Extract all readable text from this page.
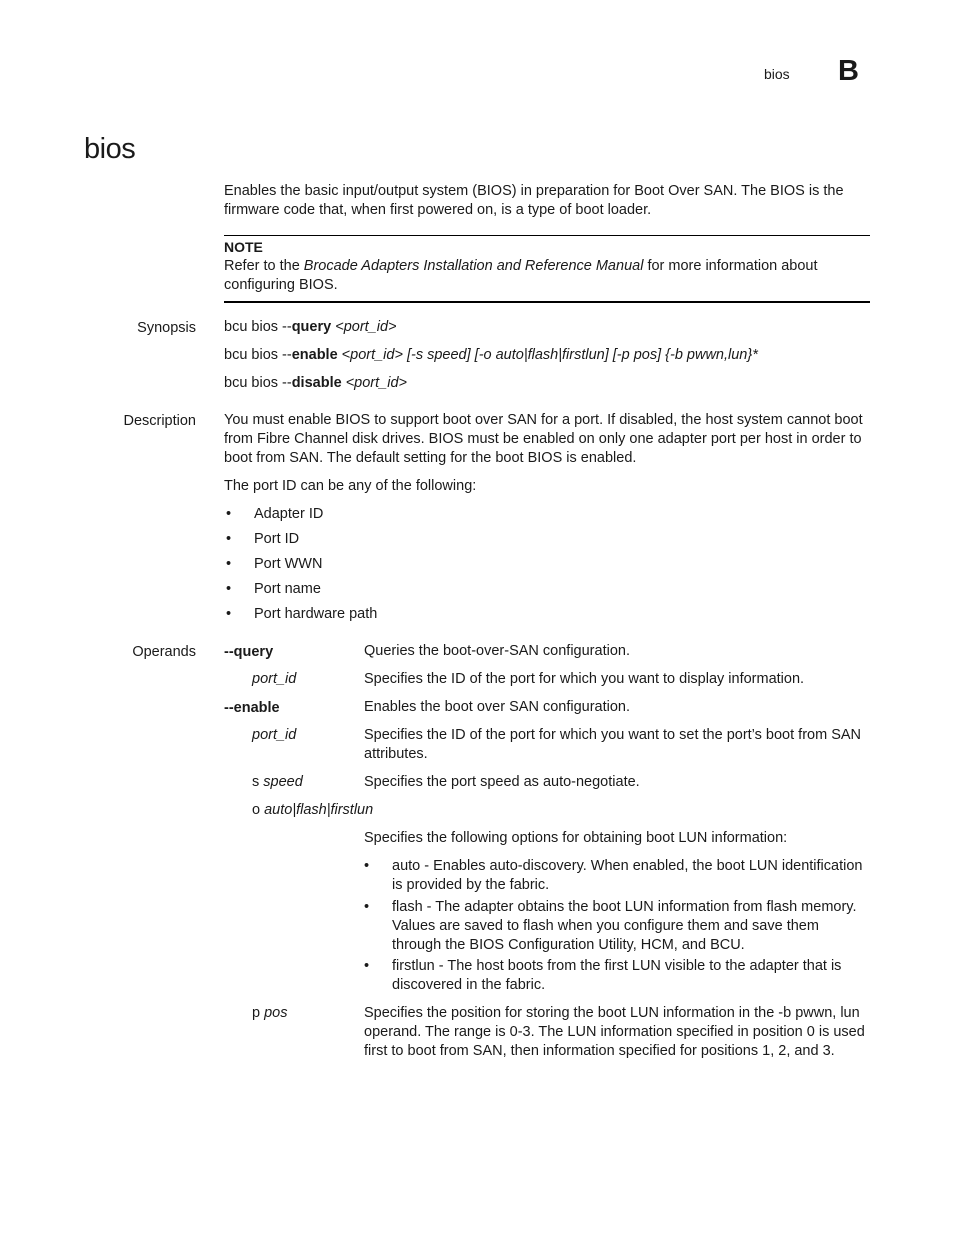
bios B
bios
Enables the basic input/output system (BIOS) in preparation for Boot Over SAN. The BIOS is the firmware code that, when first powered on, is a type of boot loader.
NOTE
Refer to the Brocade Adapters Installation and Reference Manual for more information about configuring BIOS.
Synopsis bcu bios --query <port_id>
bcu bios --enable <port_id> [-s speed] [-o auto|flash|firstlun] [-p pos] {-b pwwn,lun}*
bcu bios --disable <port_id>
Description You must enable BIOS to support boot over SAN for a port. If disabled, the host system cannot boot from Fibre Channel disk drives. BIOS must be enabled on only one adapter port per host in order to boot from SAN. The default setting for the boot BIOS is enabled.
The port ID can be any of the following:
•	Adapter ID
•	Port ID
•	Port WWN
•	Port name
•	Port hardware path
Operands --query	Queries the boot-over-SAN configuration.
port_id	Specifies the ID of the port for which you want to display information.
--enable	Enables the boot over SAN configuration.
port_id	Specifies the ID of the port for which you want to set the port’s boot from SAN attributes.
s speed	Specifies the port speed as auto-negotiate.
o auto|flash|firstlun
Specifies the following options for obtaining boot LUN information:
• auto - Enables auto-discovery. When enabled, the boot LUN identification is provided by the fabric.
• flash - The adapter obtains the boot LUN information from flash memory. Values are saved to flash when you configure them and save them through the BIOS Configuration Utility, HCM, and BCU.
• firstlun - The host boots from the first LUN visible to the adapter that is discovered in the fabric.
p pos	Specifies the position for storing the boot LUN information in the -b pwwn, lun operand. The range is 0-3. The LUN information specified in position 0 is used first to boot from SAN, then information specified for positions 1, 2, and 3.
